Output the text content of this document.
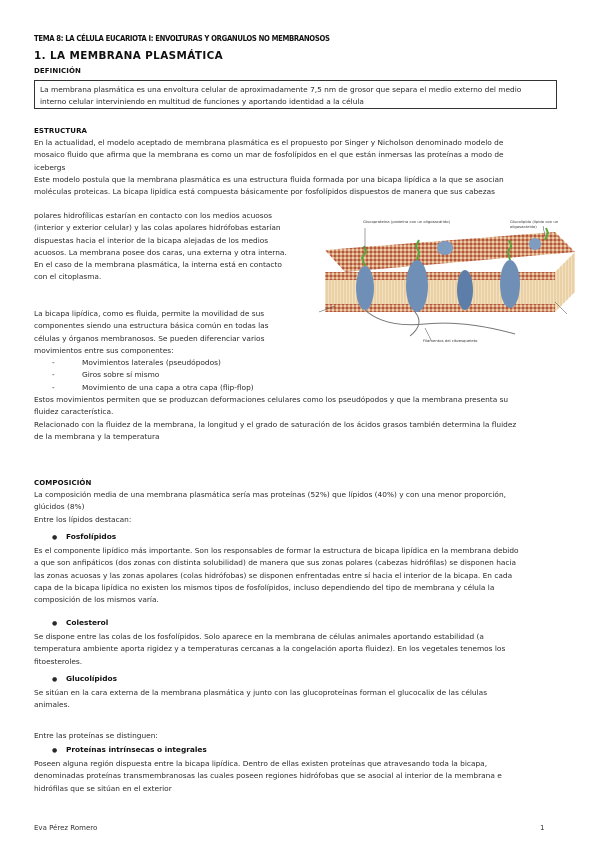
TEMA 8: LA CÉLULA EUCARIOTA I: ENVOLTURAS Y ORGANULOS NO MEMBRANOSOS
1. LA MEMBRANA PLASMÁTICA
DEFINICIÓN

La membrana plasmática es una envoltura celular de aproximadamente 7,5 nm de grosor que separa el medio externo del medio

interno celular interviniendo en multitud de funciones y aportando identidad a la célula

ESTRUCTURA

En la actualidad, el modelo aceptado de membrana plasmática es el propuesto por Singer y Nicholson denominado modelo de

mosaico fluido que afirma que la membrana es como un mar de fosfolípidos en el que están inmersas las proteínas a modo de

icebergs

Este modelo postula que la membrana plasmática es una estructura fluida formada por una bicapa lipídica a la que se asocian

moléculas proteicas. La bicapa lipídica está compuesta básicamente por fosfolípidos dispuestos de manera que sus cabezas

polares hidrofílicas estarían en contacto con los medios acuosos

(interior y exterior celular) y las colas apolares hidrófobas estarían

dispuestas hacia el interior de la bicapa alejadas de los medios

acuosos. La membrana posee dos caras, una externa y otra interna.

En el caso de la membrana plasmática, la interna está en contacto

con el citoplasma.

La bicapa lipídica, como es fluida, permite la movilidad de sus

componentes siendo una estructura básica común en todas las

células y órganos membranosos. Se pueden diferenciar varios

movimientos entre sus componentes:

-	Movimientos laterales (pseudópodos)

-	Giros sobre sí mismo

-	Movimiento de una capa a otra capa (flip-flop)

Estos movimientos permiten que se produzcan deformaciones celulares como los pseudópodos y que la membrana presenta su

fluidez característica.

Relacionado con la fluidez de la membrana, la longitud y el grado de saturación de los ácidos grasos también determina la fluidez

de la membrana y la temperatura

Glucoproteína (proteína con un oligosacárido)	Glucolípido (lípido con un oligosacárido)
Filamentos del citoesqueleto
COMPOSICIÓN

La composición media de una membrana plasmática sería mas proteínas (52%) que lípidos (40%) y con una menor proporción,

glúcidos (8%)

Entre los lípidos destacan:

● Fosfolípidos

Es el componente lipídico más importante. Son los responsables de formar la estructura de bicapa lipídica en la membrana debido

a que son anfipáticos (dos zonas con distinta solubilidad) de manera que sus zonas polares (cabezas hidrófilas) se disponen hacia

las zonas acuosas y las zonas apolares (colas hidrófobas) se disponen enfrentadas entre sí hacia el interior de la bicapa. En cada

capa de la bicapa lipídica no existen los mismos tipos de fosfolípidos, incluso dependiendo del tipo de membrana y célula la

composición de los mismos varía.

● Colesterol

Se dispone entre las colas de los fosfolípidos. Solo aparece en la membrana de células animales aportando estabilidad (a

temperatura ambiente aporta rigidez y a temperaturas cercanas a la congelación aporta fluidez). En los vegetales tenemos los

fitoesteroles.

● Glucolípidos

Se sitúan en la cara externa de la membrana plasmática y junto con las glucoproteínas forman el glucocalix de las células

animales.

Entre las proteínas se distinguen:

● Proteínas intrínsecas o integrales

Poseen alguna región dispuesta entre la bicapa lipídica. Dentro de ellas existen proteínas que atravesando toda la bicapa,

denominadas proteínas transmembranosas las cuales poseen regiones hidrófobas que se asocial al interior de la membrana e

hidrófilas que se sitúan en el exterior

Eva Pérez Romero	1
